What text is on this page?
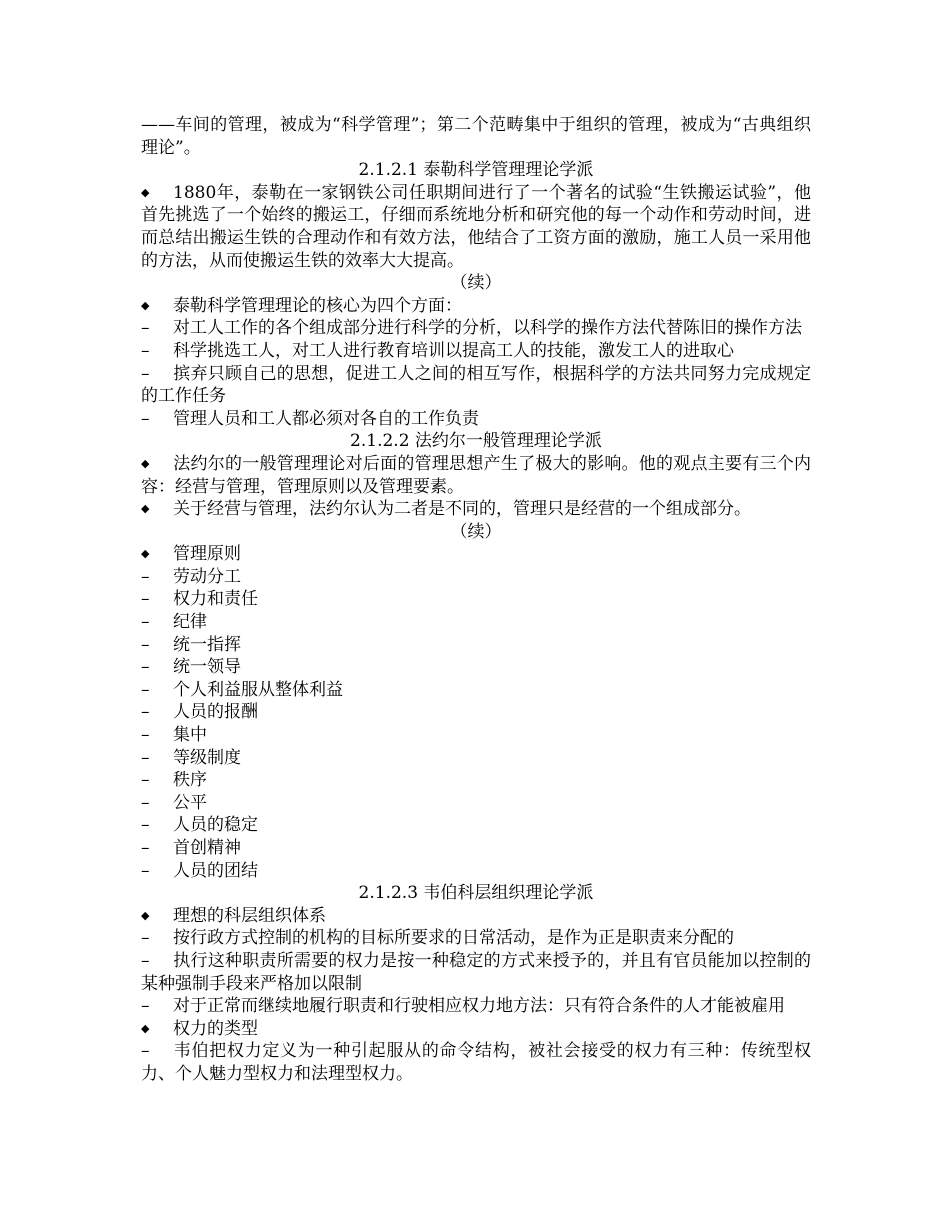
——车间的管理，被成为“科学管理”；第二个范畴集中于组织的管理，被成为“古典组织理论”。

2.1.2.1 泰勒科学管理理论学派

◆ 1880年，泰勒在一家钢铁公司任职期间进行了一个著名的试验“生铁搬运试验”，他首先挑选了一个始终的搬运工，仔细而系统地分析和研究他的每一个动作和劳动时间，进而总结出搬运生铁的合理动作和有效方法，他结合了工资方面的激励，施工人员一采用他的方法，从而使搬运生铁的效率大大提高。

（续）

◆ 泰勒科学管理理论的核心为四个方面：

– 对工人工作的各个组成部分进行科学的分析，以科学的操作方法代替陈旧的操作方法

– 科学挑选工人，对工人进行教育培训以提高工人的技能，激发工人的进取心

– 摈弃只顾自己的思想，促进工人之间的相互写作，根据科学的方法共同努力完成规定的工作任务

– 管理人员和工人都必须对各自的工作负责

2.1.2.2 法约尔一般管理理论学派

◆ 法约尔的一般管理理论对后面的管理思想产生了极大的影响。他的观点主要有三个内容：经营与管理，管理原则以及管理要素。

◆ 关于经营与管理，法约尔认为二者是不同的，管理只是经营的一个组成部分。

（续）

◆ 管理原则

– 劳动分工

– 权力和责任

– 纪律

– 统一指挥

– 统一领导

– 个人利益服从整体利益

– 人员的报酬

– 集中

– 等级制度

– 秩序

– 公平

– 人员的稳定

– 首创精神

– 人员的团结

2.1.2.3 韦伯科层组织理论学派

◆ 理想的科层组织体系

– 按行政方式控制的机构的目标所要求的日常活动，是作为正是职责来分配的

– 执行这种职责所需要的权力是按一种稳定的方式来授予的，并且有官员能加以控制的某种强制手段来严格加以限制

– 对于正常而继续地履行职责和行驶相应权力地方法：只有符合条件的人才能被雇用

◆ 权力的类型

– 韦伯把权力定义为一种引起服从的命令结构，被社会接受的权力有三种：传统型权力、个人魅力型权力和法理型权力。
